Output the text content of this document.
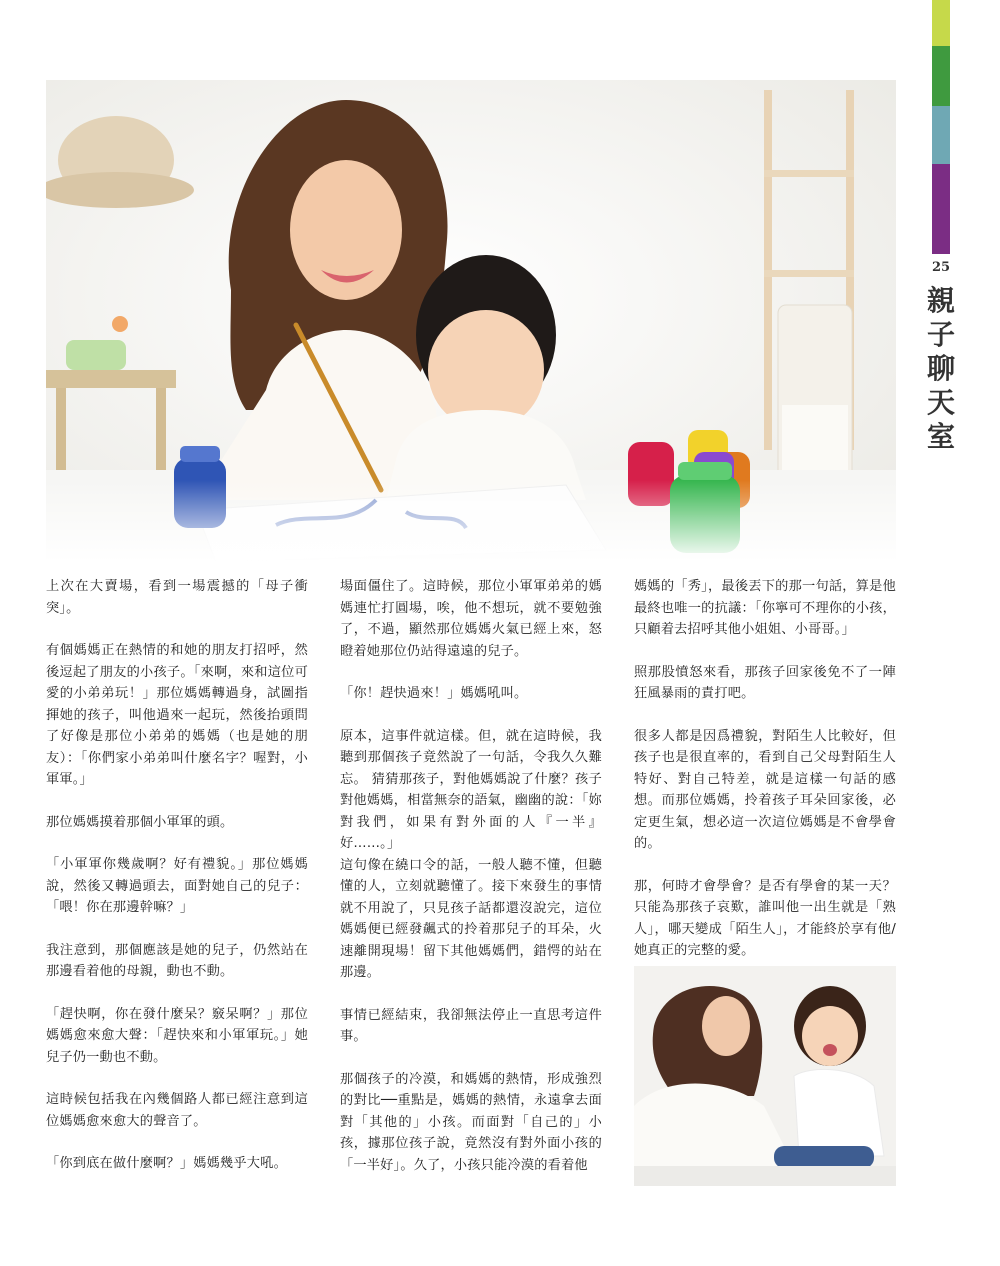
25
親
子
聊
天
室

上次在大賣場，看到一場震撼的「母子衝突」。

有個媽媽正在熱情的和她的朋友打招呼，然後逗起了朋友的小孩子。「來啊，來和這位可愛的小弟弟玩！」那位媽媽轉過身，試圖指揮她的孩子，叫他過來一起玩，然後抬頭問了好像是那位小弟弟的媽媽（也是她的朋友）：「你們家小弟弟叫什麼名字？喔對，小軍軍。」

那位媽媽摸着那個小軍軍的頭。

「小軍軍你幾歲啊？好有禮貌。」那位媽媽說，然後又轉過頭去，面對她自己的兒子：「喂！你在那邊幹嘛？」

我注意到，那個應該是她的兒子，仍然站在那邊看着他的母親，動也不動。

「趕快啊，你在發什麼呆？竅呆啊？」那位媽媽愈來愈大聲：「趕快來和小軍軍玩。」她兒子仍一動也不動。

這時候包括我在內幾個路人都已經注意到這位媽媽愈來愈大的聲音了。

「你到底在做什麼啊？」媽媽幾乎大吼。

場面僵住了。這時候，那位小軍軍弟弟的媽媽連忙打圓場，唉，他不想玩，就不要勉強了，不過，顯然那位媽媽火氣已經上來，怒瞪着她那位仍站得遠遠的兒子。

「你！趕快過來！」媽媽吼叫。

原本，這事件就這樣。但，就在這時候，我聽到那個孩子竟然說了一句話，令我久久難忘。 猜猜那孩子，對他媽媽說了什麼？孩子對他媽媽，相當無奈的語氣，幽幽的說：「妳對我們，如果有對外面的人『一半』好……。」

這句像在繞口令的話，一般人聽不懂，但聽懂的人，立刻就聽懂了。接下來發生的事情就不用說了，只見孩子話都還沒說完，這位媽媽便已經發飆式的拎着那兒子的耳朵，火速離開現場！留下其他媽媽們，錯愕的站在那邊。

事情已經結束，我卻無法停止一直思考這件事。

那個孩子的冷漠，和媽媽的熱情，形成強烈的對比──重點是，媽媽的熱情，永遠拿去面對「其他的」小孩。而面對「自己的」小孩，據那位孩子說，竟然沒有對外面小孩的「一半好」。久了，小孩只能冷漠的看着他

媽媽的「秀」，最後丟下的那一句話，算是他最終也唯一的抗議：「你寧可不理你的小孩，只顧着去招呼其他小姐姐、小哥哥。」

照那股憤怒來看，那孩子回家後免不了一陣狂風暴雨的責打吧。

很多人都是因爲禮貌，對陌生人比較好，但孩子也是很直率的，看到自己父母對陌生人特好、對自己特差，就是這樣一句話的感想。而那位媽媽，拎着孩子耳朵回家後，必定更生氣，想必這一次這位媽媽是不會學會的。

那，何時才會學會？是否有學會的某一天？只能為那孩子哀歎，誰叫他一出生就是「熟人」，哪天變成「陌生人」，才能終於享有他/她真正的完整的愛。
